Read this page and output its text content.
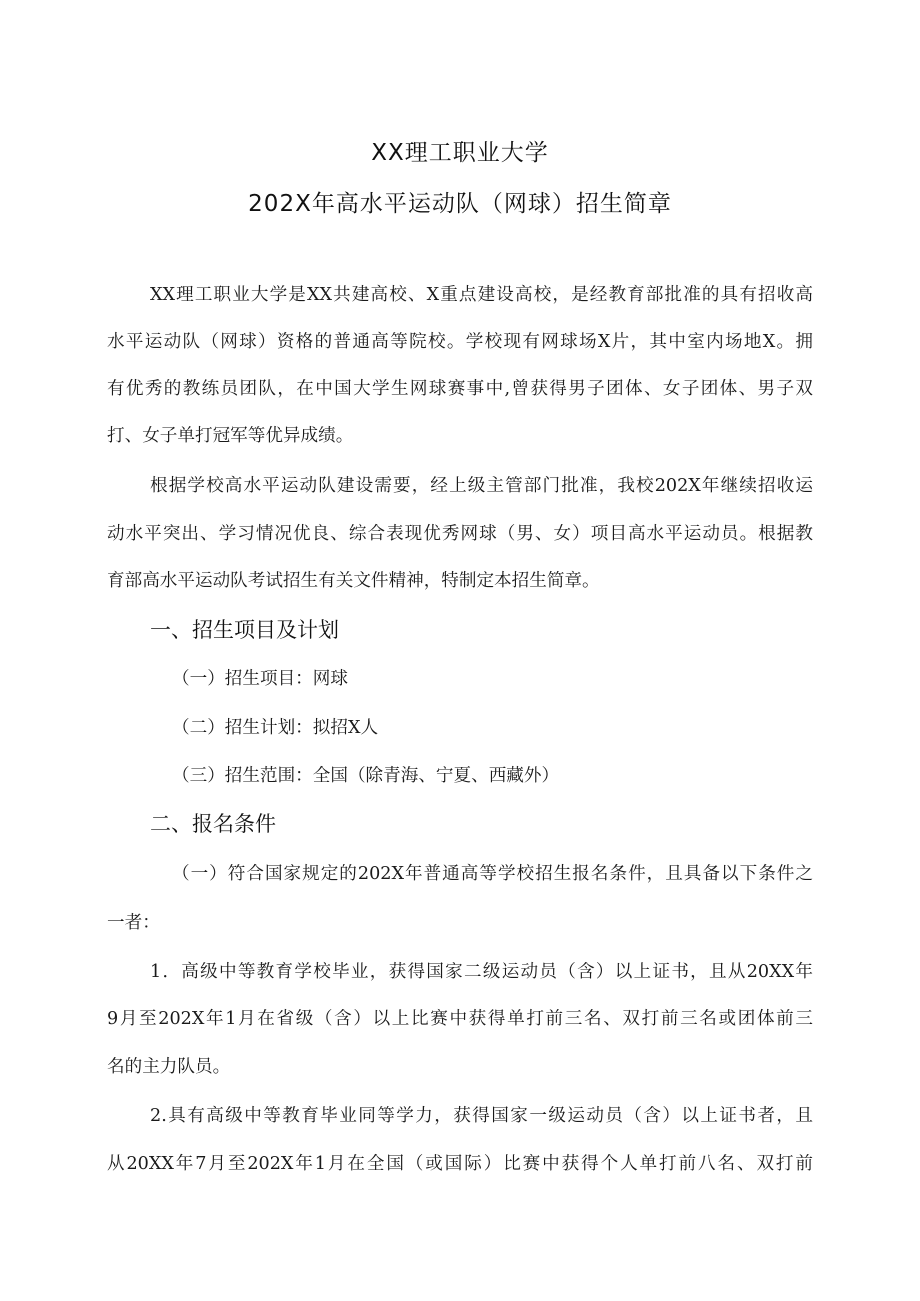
XX理工职业大学
202X年高水平运动队（网球）招生简章
XX理工职业大学是XX共建高校、X重点建设高校，是经教育部批准的具有招收高
水平运动队（网球）资格的普通高等院校。学校现有网球场X片，其中室内场地X。拥
有优秀的教练员团队，在中国大学生网球赛事中,曾获得男子团体、女子团体、男子双
打、女子单打冠军等优异成绩。
根据学校高水平运动队建设需要，经上级主管部门批准，我校202X年继续招收运
动水平突出、学习情况优良、综合表现优秀网球（男、女）项目高水平运动员。根据教
育部高水平运动队考试招生有关文件精神，特制定本招生简章。
一、招生项目及计划
（一）招生项目：网球
（二）招生计划：拟招X人
（三）招生范围：全国（除青海、宁夏、西藏外）
二、报名条件
（一）符合国家规定的202X年普通高等学校招生报名条件，且具备以下条件之
一者：
1．高级中等教育学校毕业，获得国家二级运动员（含）以上证书，且从20XX年
9月至202X年1月在省级（含）以上比赛中获得单打前三名、双打前三名或团体前三
名的主力队员。
2.具有高级中等教育毕业同等学力，获得国家一级运动员（含）以上证书者，且
从20XX年7月至202X年1月在全国（或国际）比赛中获得个人单打前八名、双打前
